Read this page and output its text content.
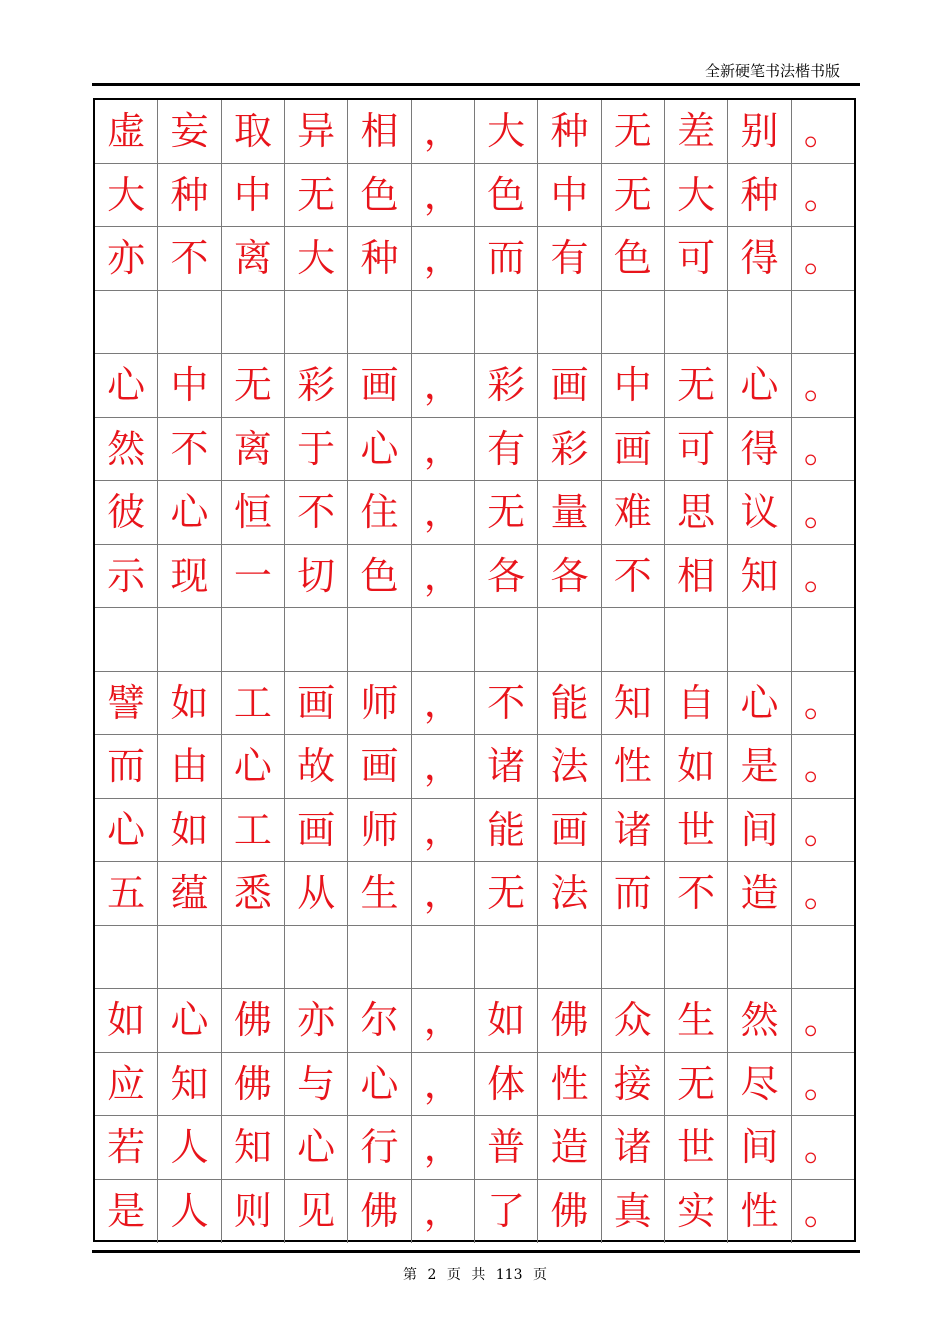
全新硬笔书法楷书版
虚 妄 取 异 相 ， 大 种 无 差 别 。
大 种 中 无 色 ， 色 中 无 大 种 。
亦 不 离 大 种 ， 而 有 色 可 得 。
心 中 无 彩 画 ， 彩 画 中 无 心 。
然 不 离 于 心 ， 有 彩 画 可 得 。
彼 心 恒 不 住 ， 无 量 难 思 议 。
示 现 一 切 色 ， 各 各 不 相 知 。
譬 如 工 画 师 ， 不 能 知 自 心 。
而 由 心 故 画 ， 诸 法 性 如 是 。
心 如 工 画 师 ， 能 画 诸 世 间 。
五 蕴 悉 从 生 ， 无 法 而 不 造 。
如 心 佛 亦 尔 ， 如 佛 众 生 然 。
应 知 佛 与 心 ， 体 性 接 无 尽 。
若 人 知 心 行 ， 普 造 诸 世 间 。
是 人 则 见 佛 ， 了 佛 真 实 性 。
第 2 页 共 113 页
